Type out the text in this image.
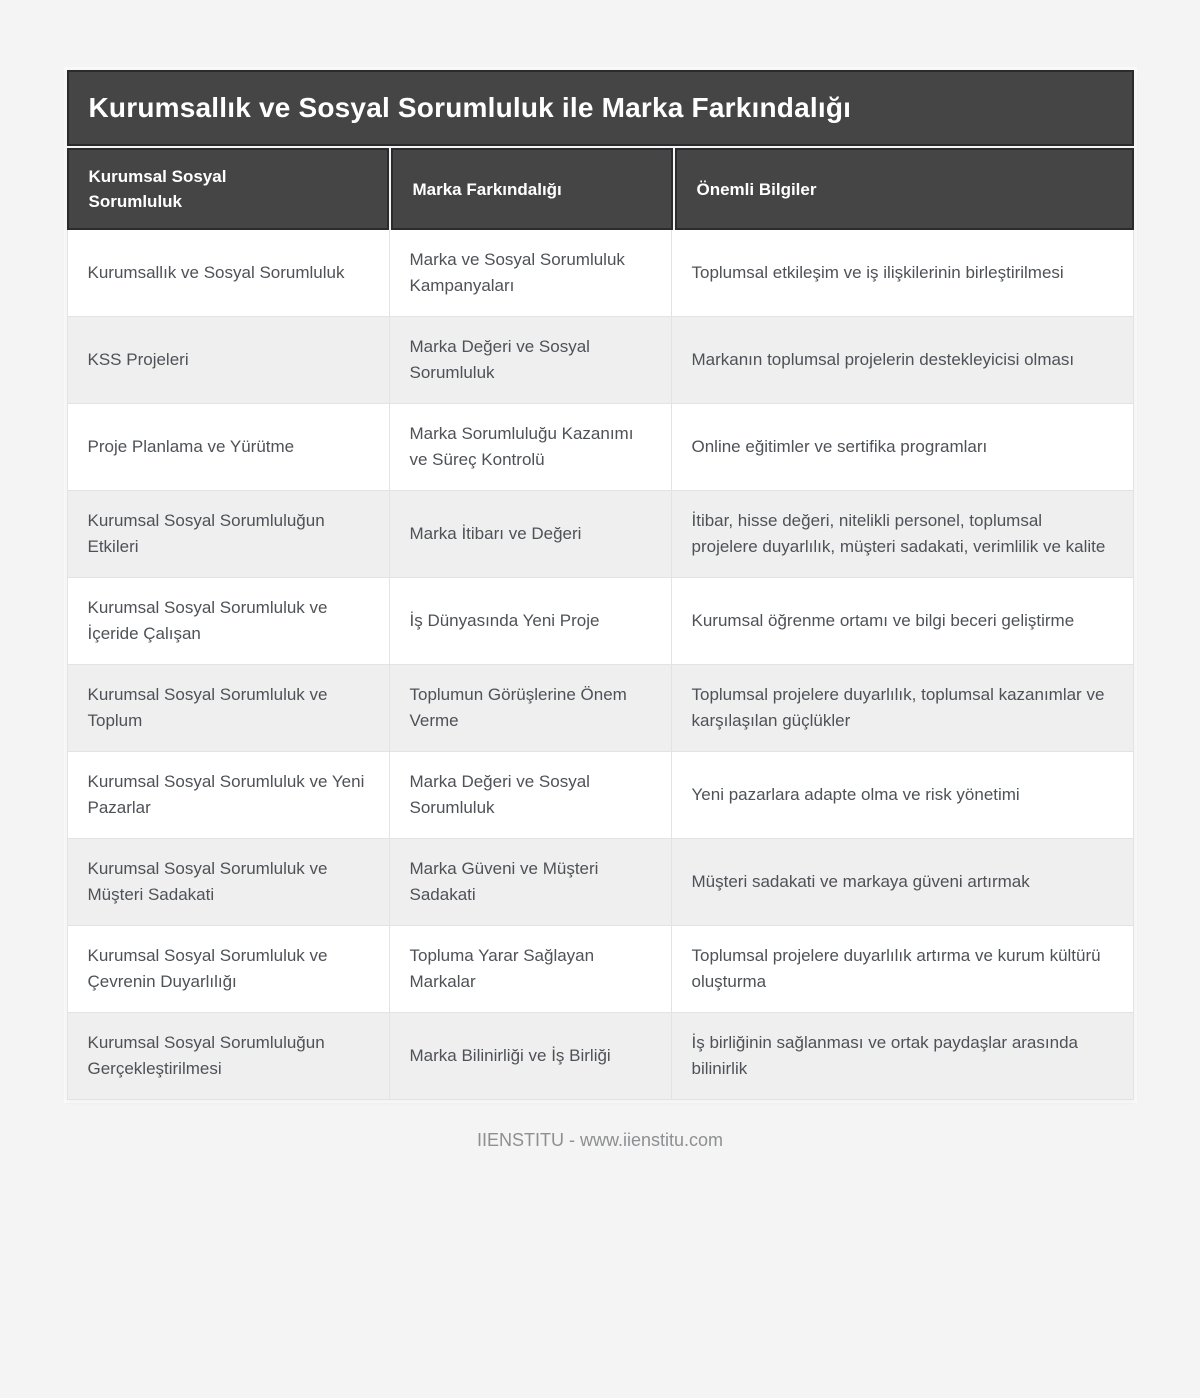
Kurumsallık ve Sosyal Sorumluluk ile Marka Farkındalığı
Kurumsal Sosyal Sorumluluk
Marka Farkındalığı	Önemli Bilgiler
Kurumsallık ve Sosyal Sorumluluk
Marka ve Sosyal Sorumluluk Kampanyaları
Toplumsal etkileşim ve iş ilişkilerinin birleştirilmesi
KSS Projeleri
Marka Değeri ve Sosyal Sorumluluk
Markanın toplumsal projelerin destekleyicisi olması
Proje Planlama ve Yürütme
Marka Sorumluluğu Kazanımı ve Süreç Kontrolü
Online eğitimler ve sertifika programları
Kurumsal Sosyal Sorumluluğun Etkileri
Marka İtibarı ve Değeri
İtibar, hisse değeri, nitelikli personel, toplumsal projelere duyarlılık, müşteri sadakati, verimlilik ve kalite
Kurumsal Sosyal Sorumluluk ve İçeride Çalışan
İş Dünyasında Yeni Proje	Kurumsal öğrenme ortamı ve bilgi beceri geliştirme
Kurumsal Sosyal Sorumluluk ve Toplum
Toplumun Görüşlerine Önem Verme
Toplumsal projelere duyarlılık, toplumsal kazanımlar ve karşılaşılan güçlükler
Kurumsal Sosyal Sorumluluk ve Yeni Pazarlar
Marka Değeri ve Sosyal Sorumluluk
Yeni pazarlara adapte olma ve risk yönetimi
Kurumsal Sosyal Sorumluluk ve Müşteri Sadakati
Marka Güveni ve Müşteri Sadakati
Müşteri sadakati ve markaya güveni artırmak
Kurumsal Sosyal Sorumluluk ve Çevrenin Duyarlılığı
Topluma Yarar Sağlayan Markalar
Toplumsal projelere duyarlılık artırma ve kurum kültürü oluşturma
Kurumsal Sosyal Sorumluluğun Gerçekleştirilmesi
Marka Bilinirliği ve İş Birliği
İş birliğinin sağlanması ve ortak paydaşlar arasında bilinirlik
IIENSTITU - www.iienstitu.com
